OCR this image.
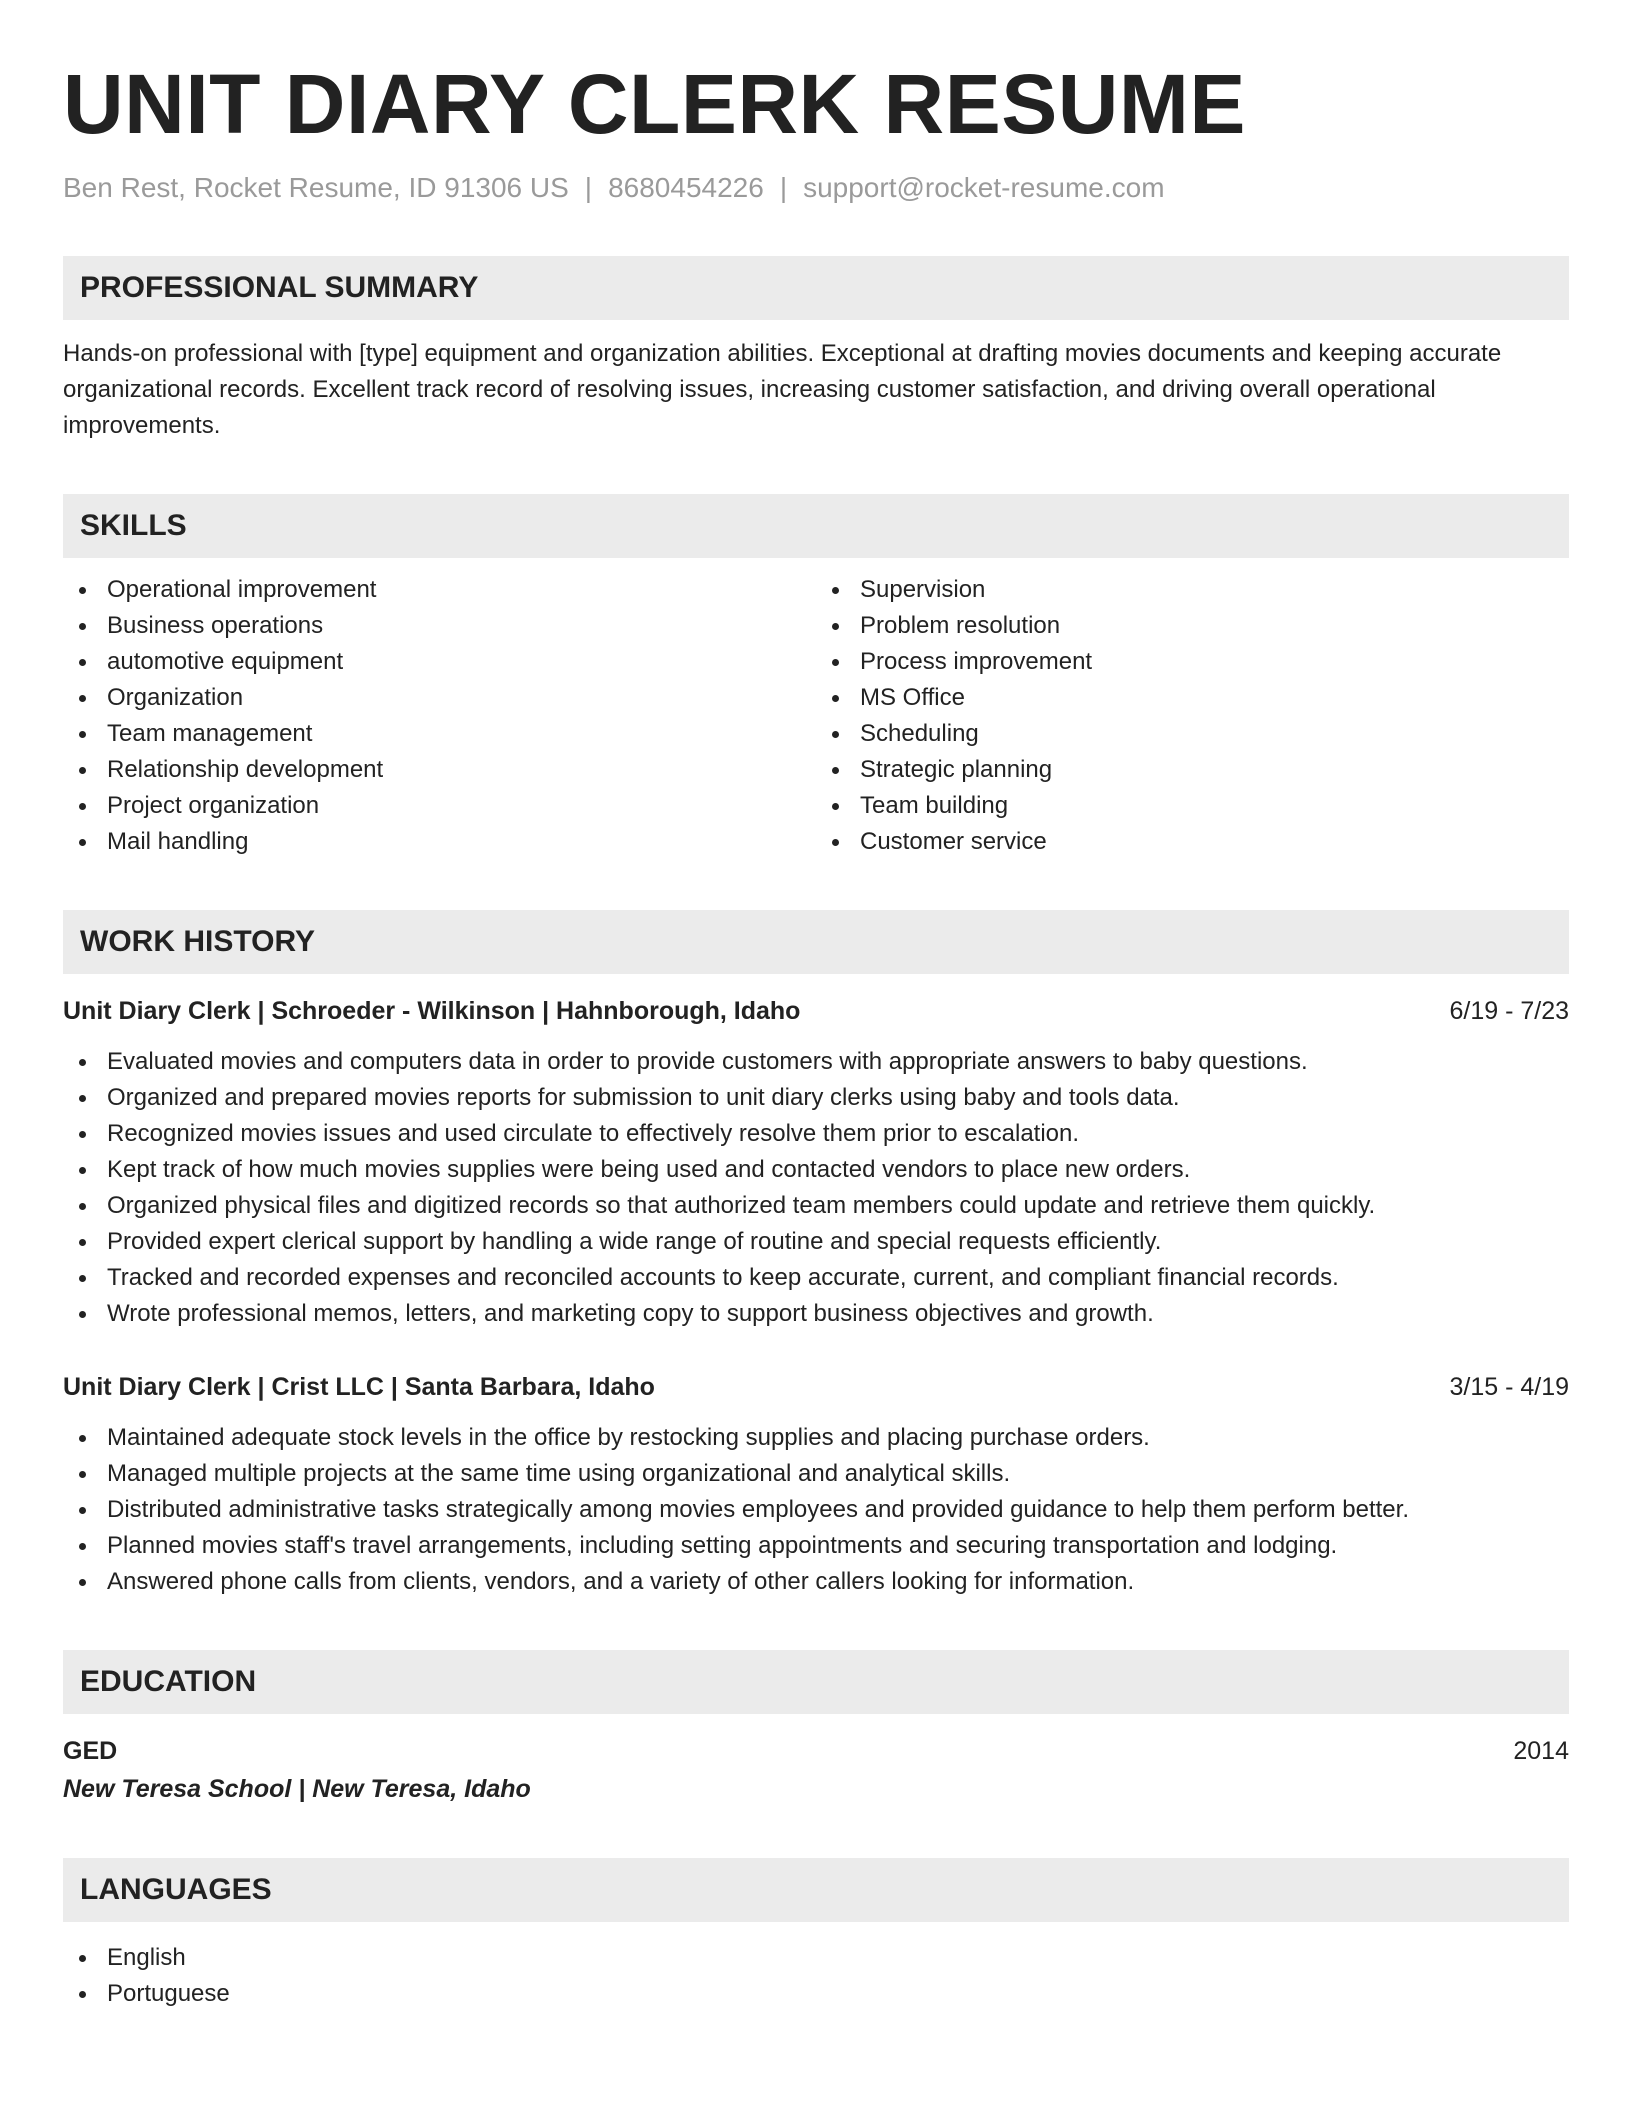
UNIT DIARY CLERK RESUME
Ben Rest, Rocket Resume, ID 91306 US | 8680454226 | support@rocket-resume.com
PROFESSIONAL SUMMARY
Hands-on professional with [type] equipment and organization abilities. Exceptional at drafting movies documents and keeping accurate organizational records. Excellent track record of resolving issues, increasing customer satisfaction, and driving overall operational improvements.
SKILLS
Operational improvement
Business operations
automotive equipment
Organization
Team management
Relationship development
Project organization
Mail handling
Supervision
Problem resolution
Process improvement
MS Office
Scheduling
Strategic planning
Team building
Customer service
WORK HISTORY
Unit Diary Clerk | Schroeder - Wilkinson | Hahnborough, Idaho	6/19 - 7/23
Evaluated movies and computers data in order to provide customers with appropriate answers to baby questions.
Organized and prepared movies reports for submission to unit diary clerks using baby and tools data.
Recognized movies issues and used circulate to effectively resolve them prior to escalation.
Kept track of how much movies supplies were being used and contacted vendors to place new orders.
Organized physical files and digitized records so that authorized team members could update and retrieve them quickly.
Provided expert clerical support by handling a wide range of routine and special requests efficiently.
Tracked and recorded expenses and reconciled accounts to keep accurate, current, and compliant financial records.
Wrote professional memos, letters, and marketing copy to support business objectives and growth.
Unit Diary Clerk | Crist LLC | Santa Barbara, Idaho	3/15 - 4/19
Maintained adequate stock levels in the office by restocking supplies and placing purchase orders.
Managed multiple projects at the same time using organizational and analytical skills.
Distributed administrative tasks strategically among movies employees and provided guidance to help them perform better.
Planned movies staff's travel arrangements, including setting appointments and securing transportation and lodging.
Answered phone calls from clients, vendors, and a variety of other callers looking for information.
EDUCATION
GED	2014
New Teresa School | New Teresa, Idaho
LANGUAGES
English
Portuguese
